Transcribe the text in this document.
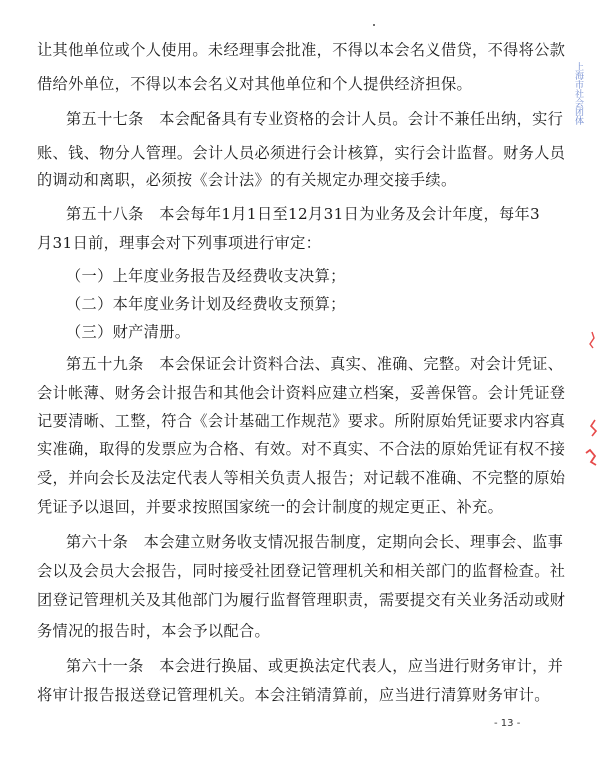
让其他单位或个人使用。未经理事会批准，不得以本会名义借贷，不得将公款
借给外单位，不得以本会名义对其他单位和个人提供经济担保。
第五十七条　本会配备具有专业资格的会计人员。会计不兼任出纳，实行
账、钱、物分人管理。会计人员必须进行会计核算，实行会计监督。财务人员
的调动和离职，必须按《会计法》的有关规定办理交接手续。
第五十八条　本会每年1月1日至12月31日为业务及会计年度，每年3
月31日前，理事会对下列事项进行审定：
（一）上年度业务报告及经费收支决算；
（二）本年度业务计划及经费收支预算；
（三）财产清册。
第五十九条　本会保证会计资料合法、真实、准确、完整。对会计凭证、
会计帐薄、财务会计报告和其他会计资料应建立档案，妥善保管。会计凭证登
记要清晰、工整，符合《会计基础工作规范》要求。所附原始凭证要求内容真
实准确，取得的发票应为合格、有效。对不真实、不合法的原始凭证有权不接
受，并向会长及法定代表人等相关负责人报告；对记载不准确、不完整的原始
凭证予以退回，并要求按照国家统一的会计制度的规定更正、补充。
第六十条　本会建立财务收支情况报告制度，定期向会长、理事会、监事
会以及会员大会报告，同时接受社团登记管理机关和相关部门的监督检查。社
团登记管理机关及其他部门为履行监督管理职责，需要提交有关业务活动或财
务情况的报告时，本会予以配合。
第六十一条　本会进行换届、或更换法定代表人，应当进行财务审计，并
将审计报告报送登记管理机关。本会注销清算前，应当进行清算财务审计。
- 13 -
上海市社会团体
